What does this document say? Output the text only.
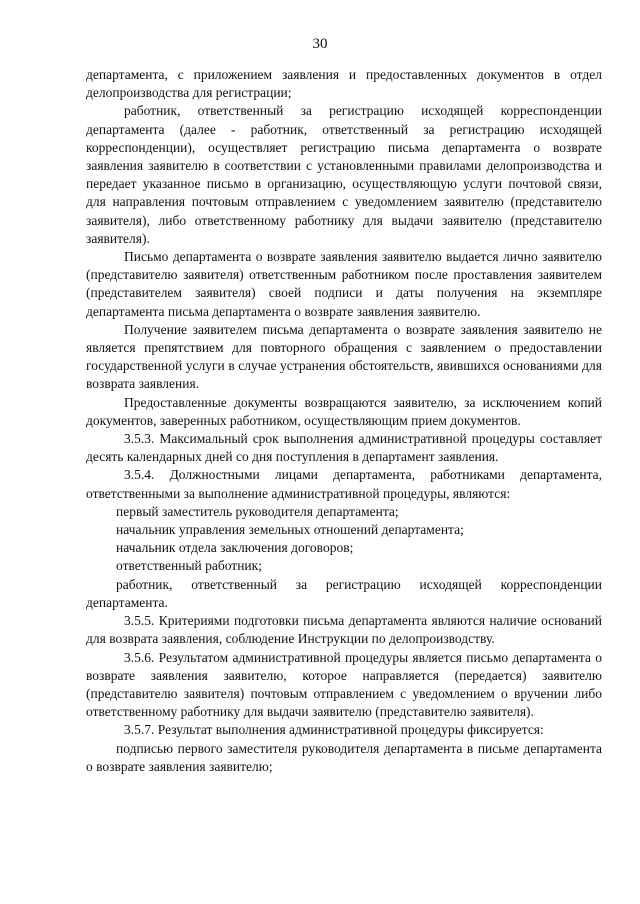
30

департамента, с приложением заявления и предоставленных документов в отдел делопроизводства для регистрации;

работник, ответственный за регистрацию исходящей корреспонденции департамента (далее - работник, ответственный за регистрацию исходящей корреспонденции), осуществляет регистрацию письма департамента о возврате заявления заявителю в соответствии с установленными правилами делопроизводства и передает указанное письмо в организацию, осуществляющую услуги почтовой связи, для направления почтовым отправлением с уведомлением заявителю (представителю заявителя), либо ответственному работнику для выдачи заявителю (представителю заявителя).

Письмо департамента о возврате заявления заявителю выдается лично заявителю (представителю заявителя) ответственным работником после проставления заявителем (представителем заявителя) своей подписи и даты получения на экземпляре департамента письма департамента о возврате заявления заявителю.

Получение заявителем письма департамента о возврате заявления заявителю не является препятствием для повторного обращения с заявлением о предоставлении государственной услуги в случае устранения обстоятельств, явившихся основаниями для возврата заявления.

Предоставленные документы возвращаются заявителю, за исключением копий документов, заверенных работником, осуществляющим прием документов.

3.5.3. Максимальный срок выполнения административной процедуры составляет десять календарных дней со дня поступления в департамент заявления.

3.5.4. Должностными лицами департамента, работниками департамента, ответственными за выполнение административной процедуры, являются:

первый заместитель руководителя департамента;

начальник управления земельных отношений департамента;

начальник отдела заключения договоров;

ответственный работник;

работник, ответственный за регистрацию исходящей корреспонденции департамента.

3.5.5. Критериями подготовки письма департамента являются наличие оснований для возврата заявления, соблюдение Инструкции по делопроизводству.

3.5.6. Результатом административной процедуры является письмо департамента о возврате заявления заявителю, которое направляется (передается) заявителю (представителю заявителя) почтовым отправлением с уведомлением о вручении либо ответственному работнику для выдачи заявителю (представителю заявителя).

3.5.7. Результат выполнения административной процедуры фиксируется:

подписью первого заместителя руководителя департамента в письме департамента о возврате заявления заявителю;
